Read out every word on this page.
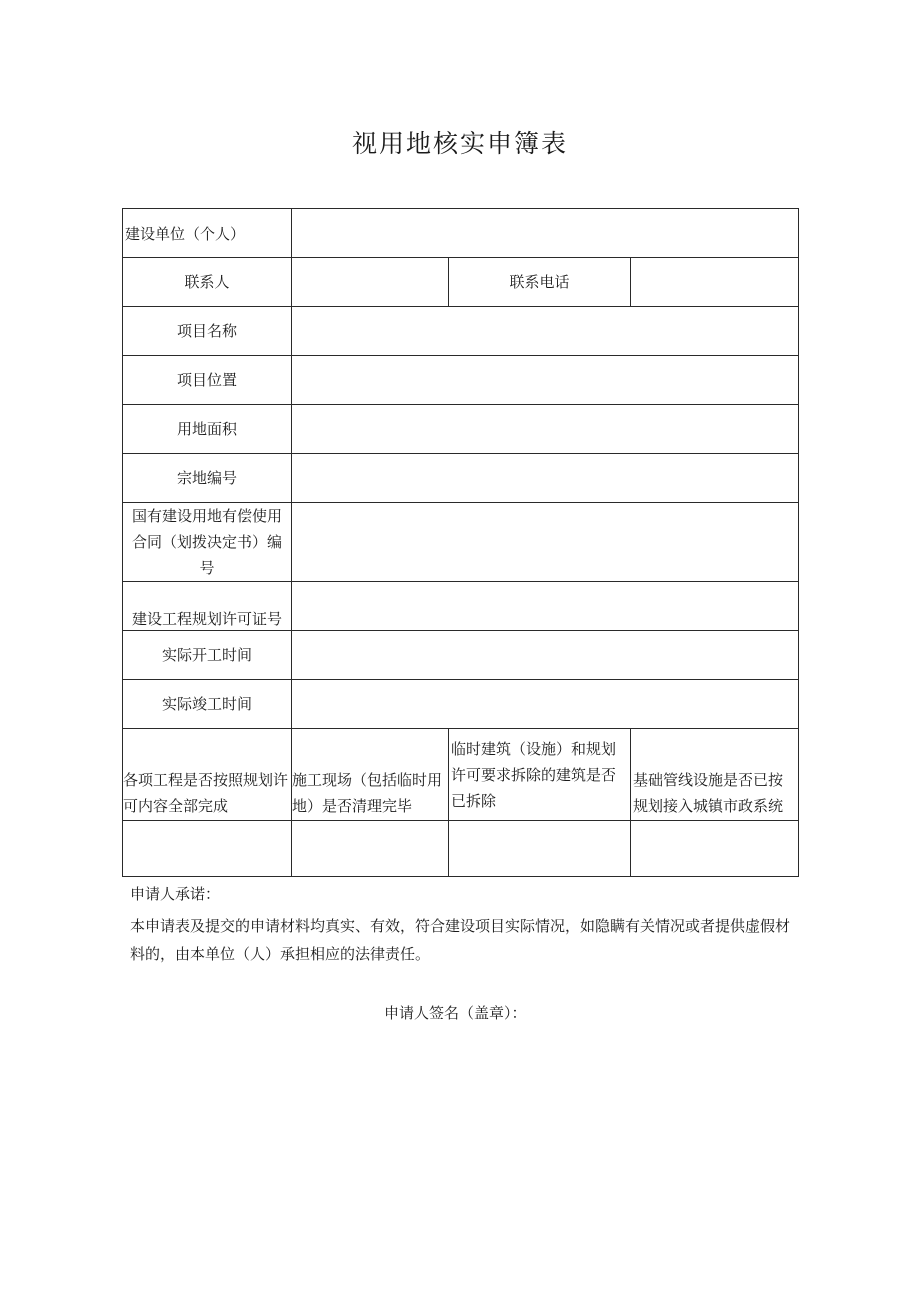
视用地核实申簿表
建设单位（个人）			
联系人		联系电话	
项目名称			
项目位置			
用地面积			
宗地编号			
国有建设用地有偿使用合同（划拨决定书）编号			
建设工程规划许可证号			
实际开工时间			
实际竣工时间			
各项工程是否按照规划许可内容全部完成	施工现场（包括临时用地）是否清理完毕	临时建筑（设施）和规划许可要求拆除的建筑是否已拆除	基础管线设施是否已按规划接入城镇市政系统

申请人承诺：
本申请表及提交的申请材料均真实、有效，符合建设项目实际情况，如隐瞒有关情况或者提供虚假材料的，由本单位（人）承担相应的法律责任。
申请人签名（盖章）：
